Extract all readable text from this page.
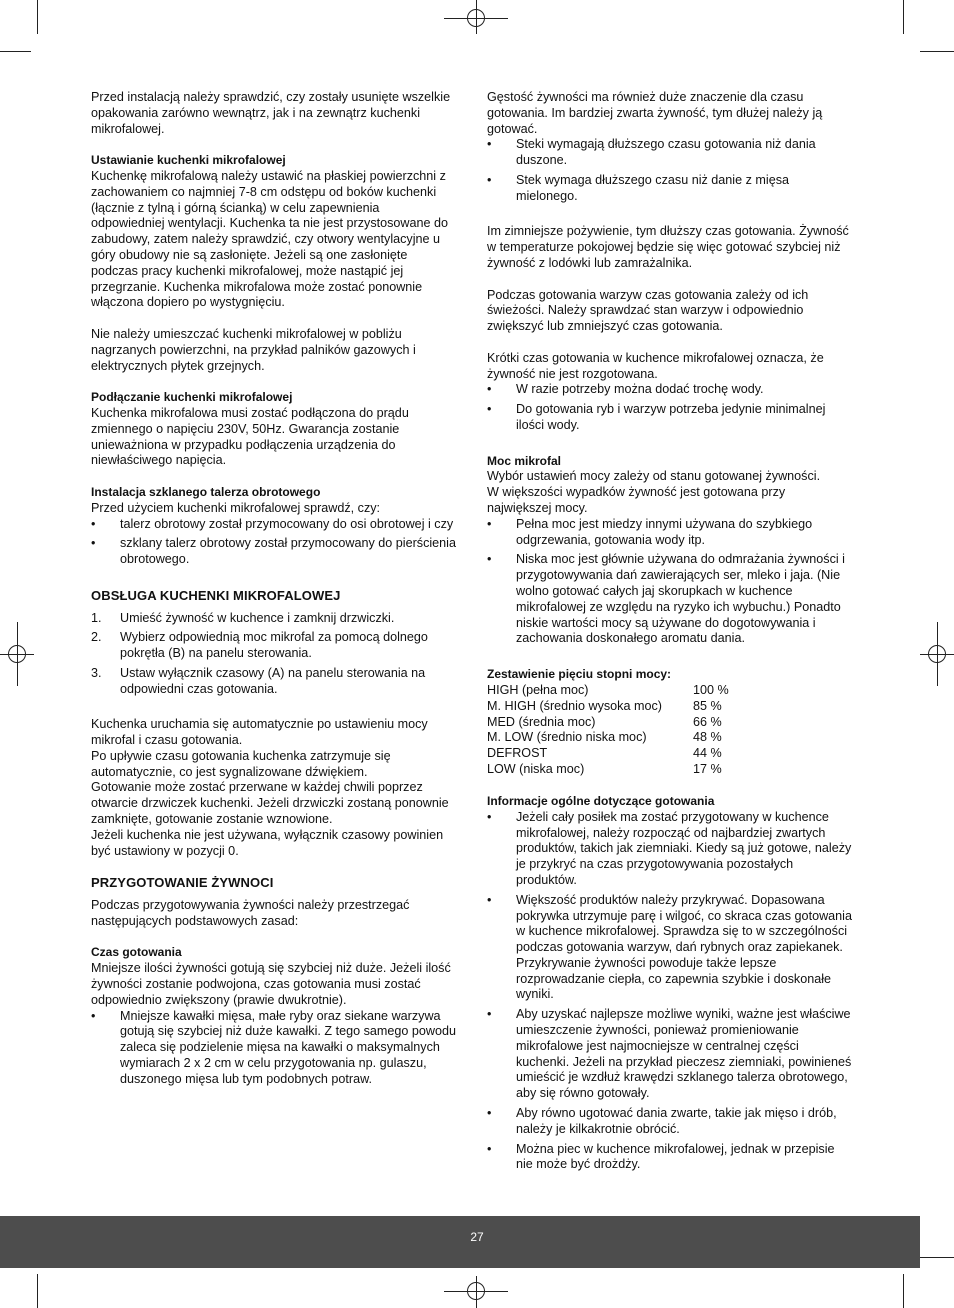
Przed instalacją należy sprawdzić, czy zostały usunięte wszelkie
opakowania zarówno wewnątrz, jak i na zewnątrz kuchenki
mikrofalowej.

Ustawianie kuchenki mikrofalowej

Kuchenkę mikrofalową należy ustawić na płaskiej powierzchni z
zachowaniem co najmniej 7-8 cm odstępu od boków kuchenki
(łącznie z tylną i górną ścianką) w celu zapewnienia
odpowiedniej wentylacji. Kuchenka ta nie jest przystosowane do
zabudowy, zatem należy sprawdzić, czy otwory wentylacyjne u
góry obudowy nie są zasłonięte. Jeżeli są one zasłonięte
podczas pracy kuchenki mikrofalowej, może nastąpić jej
przegrzanie. Kuchenka mikrofalowa może zostać ponownie
włączona dopiero po wystygnięciu.

Nie należy umieszczać kuchenki mikrofalowej w pobliżu
nagrzanych powierzchni, na przykład palników gazowych i
elektrycznych płytek grzejnych.

Podłączanie kuchenki mikrofalowej

Kuchenka mikrofalowa musi zostać podłączona do prądu
zmiennego o napięciu 230V, 50Hz. Gwarancja zostanie
unieważniona w przypadku podłączenia urządzenia do
niewłaściwego napięcia.

Instalacja szklanego talerza obrotowego

Przed użyciem kuchenki mikrofalowej sprawdź, czy:

• talerz obrotowy został przymocowany do osi obrotowej i czy
• szklany talerz obrotowy został przymocowany do pierścienia
obrotowego.

OBSŁUGA KUCHENKI MIKROFALOWEJ

1. Umieść żywność w kuchence i zamknij drzwiczki.
2. Wybierz odpowiednią moc mikrofal za pomocą dolnego
pokrętła (B) na panelu sterowania.
3. Ustaw wyłącznik czasowy (A) na panelu sterowania na
odpowiedni czas gotowania.

Kuchenka uruchamia się automatycznie po ustawieniu mocy
mikrofal i czasu gotowania.
Po upływie czasu gotowania kuchenka zatrzymuje się
automatycznie, co jest sygnalizowane dźwiękiem.
Gotowanie może zostać przerwane w każdej chwili poprzez
otwarcie drzwiczek kuchenki. Jeżeli drzwiczki zostaną ponownie
zamknięte, gotowanie zostanie wznowione.
Jeżeli kuchenka nie jest używana, wyłącznik czasowy powinien
być ustawiony w pozycji 0.

PRZYGOTOWANIE ŻYWNOCI

Podczas przygotowywania żywności należy przestrzegać
następujących podstawowych zasad:

Czas gotowania

Mniejsze ilości żywności gotują się szybciej niż duże. Jeżeli ilość
żywności zostanie podwojona, czas gotowania musi zostać
odpowiednio zwiększony (prawie dwukrotnie).

• Mniejsze kawałki mięsa, małe ryby oraz siekane warzywa
gotują się szybciej niż duże kawałki. Z tego samego powodu
zaleca się podzielenie mięsa na kawałki o maksymalnych
wymiarach 2 x 2 cm w celu przygotowania np. gulaszu,
duszonego mięsa lub tym podobnych potraw.

Gęstość żywności ma również duże znaczenie dla czasu
gotowania. Im bardziej zwarta żywność, tym dłużej należy ją
gotować.

• Steki wymagają dłuższego czasu gotowania niż dania
duszone.
• Stek wymaga dłuższego czasu niż danie z mięsa
mielonego.

Im zimniejsze pożywienie, tym dłuższy czas gotowania. Żywność
w temperaturze pokojowej będzie się więc gotować szybciej niż
żywność z lodówki lub zamrażalnika.

Podczas gotowania warzyw czas gotowania zależy od ich
świeżości. Należy sprawdzać stan warzyw i odpowiednio
zwiększyć lub zmniejszyć czas gotowania.

Krótki czas gotowania w kuchence mikrofalowej oznacza, że
żywność nie jest rozgotowana.

• W razie potrzeby można dodać trochę wody.
• Do gotowania ryb i warzyw potrzeba jedynie minimalnej
ilości wody.

Moc mikrofal

Wybór ustawień mocy zależy od stanu gotowanej żywności.
W większości wypadków żywność jest gotowana przy
największej mocy.

• Pełna moc jest miedzy innymi używana do szybkiego
odgrzewania, gotowania wody itp.
• Niska moc jest głównie używana do odmrażania żywności i
przygotowywania dań zawierających ser, mleko i jaja. (Nie
wolno gotować całych jaj skorupkach w kuchence
mikrofalowej ze względu na ryzyko ich wybuchu.) Ponadto
niskie wartości mocy są używane do dogotowywania i
zachowania doskonałego aromatu dania.

Zestawienie pięciu stopni mocy:

HIGH (pełna moc)	100 %
M. HIGH (średnio wysoka moc)	85 %
MED (średnia moc)	66 %
M. LOW (średnio niska moc)	48 %
DEFROST	44 %
LOW (niska moc)	17 %

Informacje ogólne dotyczące gotowania

• Jeżeli cały posiłek ma zostać przygotowany w kuchence
mikrofalowej, należy rozpocząć od najbardziej zwartych
produktów, takich jak ziemniaki. Kiedy są już gotowe, należy
je przykryć na czas przygotowywania pozostałych
produktów.
• Większość produktów należy przykrywać. Dopasowana
pokrywka utrzymuje parę i wilgoć, co skraca czas gotowania
w kuchence mikrofalowej. Sprawdza się to w szczególności
podczas gotowania warzyw, dań rybnych oraz zapiekanek.
Przykrywanie żywności powoduje także lepsze
rozprowadzanie ciepła, co zapewnia szybkie i doskonałe
wyniki.
• Aby uzyskać najlepsze możliwe wyniki, ważne jest właściwe
umieszczenie żywności, ponieważ promieniowanie
mikrofalowe jest najmocniejsze w centralnej części
kuchenki. Jeżeli na przykład pieczesz ziemniaki, powinieneś
umieścić je wzdłuż krawędzi szklanego talerza obrotowego,
aby się równo gotowały.
• Aby równo ugotować dania zwarte, takie jak mięso i drób,
należy je kilkakrotnie obrócić.
• Można piec w kuchence mikrofalowej, jednak w przepisie
nie może być drożdży.
27
